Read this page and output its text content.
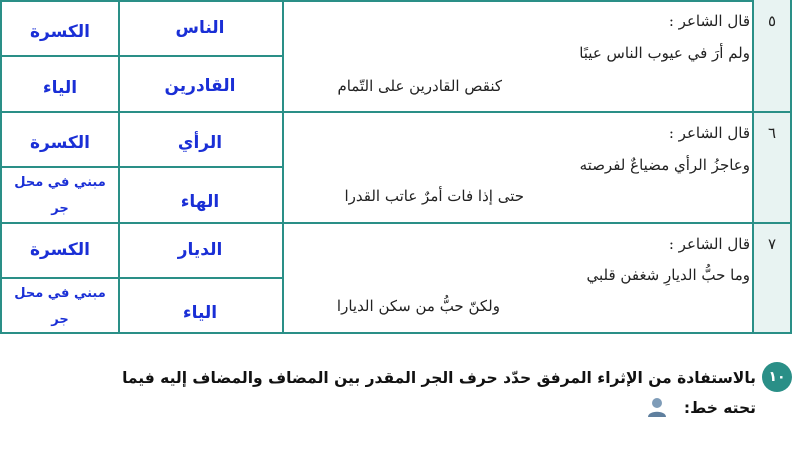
٥
قال الشاعر :
ولم أرَ في عيوب الناس عيبًا
كنقص القادرين على التّمام
الناس
الكسرة
القادرين
الياء
٦
قال الشاعر :
وعاجزُ الرأي مضياعٌ لفرصته
حتى إذا فات أمرٌ عاتب القدرا
الرأي
الكسرة
الهاء
مبني في محل
جر
٧
قال الشاعر :
وما حبُّ الديارِ شغفن قلبي
ولكنّ حبُّ من سكن الديارا
الديار
الكسرة
الياء
مبني في محل
جر
١٠
بالاستفادة من الإثراء المرفق حدّد حرف الجر المقدر بين المضاف والمضاف إليه فيما
تحته خط:
